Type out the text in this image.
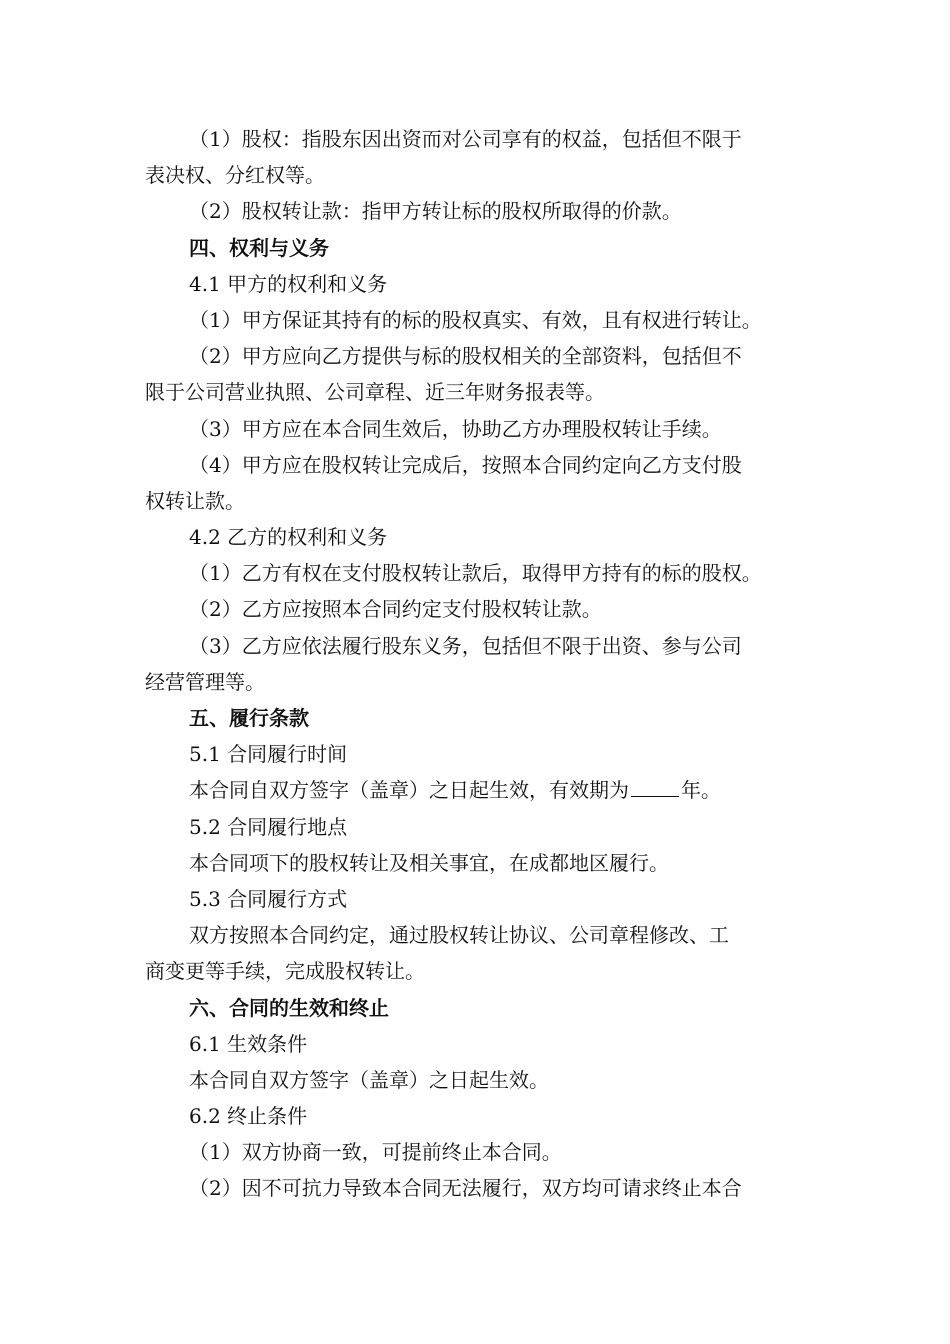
（1）股权：指股东因出资而对公司享有的权益，包括但不限于
表决权、分红权等。
（2）股权转让款：指甲方转让标的股权所取得的价款。
四、权利与义务
4.1 甲方的权利和义务
（1）甲方保证其持有的标的股权真实、有效，且有权进行转让。
（2）甲方应向乙方提供与标的股权相关的全部资料，包括但不
限于公司营业执照、公司章程、近三年财务报表等。
（3）甲方应在本合同生效后，协助乙方办理股权转让手续。
（4）甲方应在股权转让完成后，按照本合同约定向乙方支付股
权转让款。
4.2 乙方的权利和义务
（1）乙方有权在支付股权转让款后，取得甲方持有的标的股权。
（2）乙方应按照本合同约定支付股权转让款。
（3）乙方应依法履行股东义务，包括但不限于出资、参与公司
经营管理等。
五、履行条款
5.1 合同履行时间
本合同自双方签字（盖章）之日起生效，有效期为	年。
5.2 合同履行地点
本合同项下的股权转让及相关事宜，在成都地区履行。
5.3 合同履行方式
双方按照本合同约定，通过股权转让协议、公司章程修改、工
商变更等手续，完成股权转让。
六、合同的生效和终止
6.1 生效条件
本合同自双方签字（盖章）之日起生效。
6.2 终止条件
（1）双方协商一致，可提前终止本合同。
（2）因不可抗力导致本合同无法履行，双方均可请求终止本合
